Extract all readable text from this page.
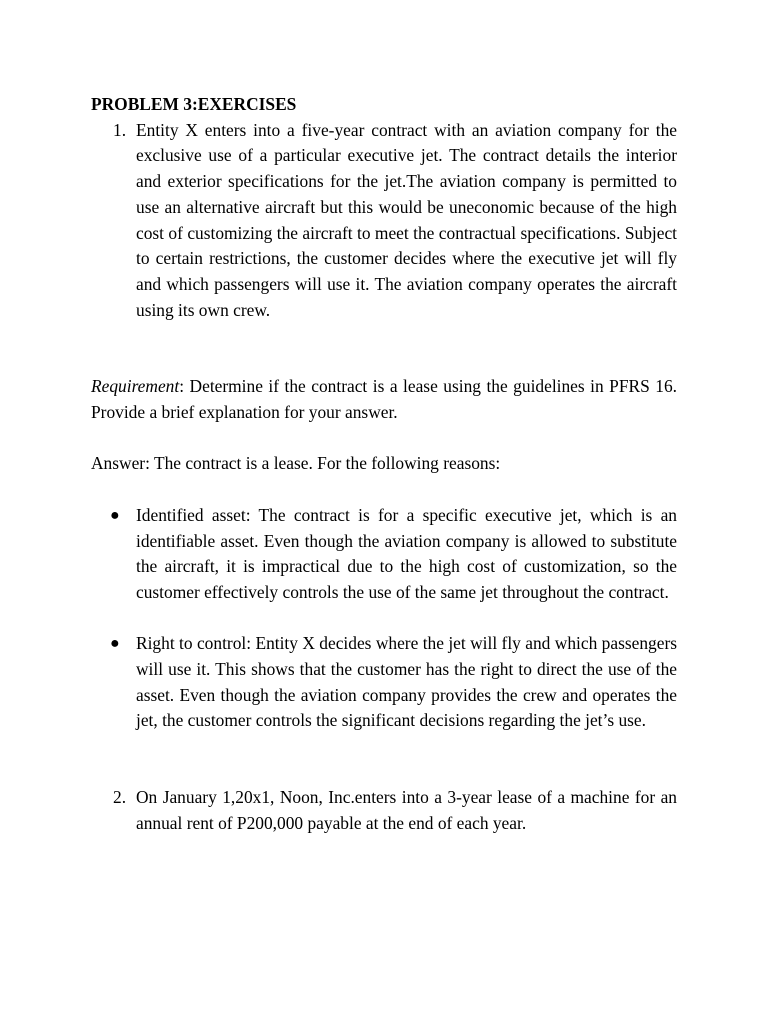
PROBLEM 3:EXERCISES

1. Entity X enters into a five-year contract with an aviation company for the exclusive use of a particular executive jet. The contract details the interior and exterior specifications for the jet.The aviation company is permitted to use an alternative aircraft but this would be uneconomic because of the high cost of customizing the aircraft to meet the contractual specifications. Subject to certain restrictions, the customer decides where the executive jet will fly and which passengers will use it. The aviation company operates the aircraft using its own crew.

Requirement: Determine if the contract is a lease using the guidelines in PFRS 16. Provide a brief explanation for your answer.

Answer: The contract is a lease. For the following reasons:

● Identified asset: The contract is for a specific executive jet, which is an identifiable asset. Even though the aviation company is allowed to substitute the aircraft, it is impractical due to the high cost of customization, so the customer effectively controls the use of the same jet throughout the contract.
● Right to control: Entity X decides where the jet will fly and which passengers will use it. This shows that the customer has the right to direct the use of the asset. Even though the aviation company provides the crew and operates the jet, the customer controls the significant decisions regarding the jet’s use.
2. On January 1,20x1, Noon, Inc.enters into a 3-year lease of a machine for an annual rent of P200,000 payable at the end of each year.
